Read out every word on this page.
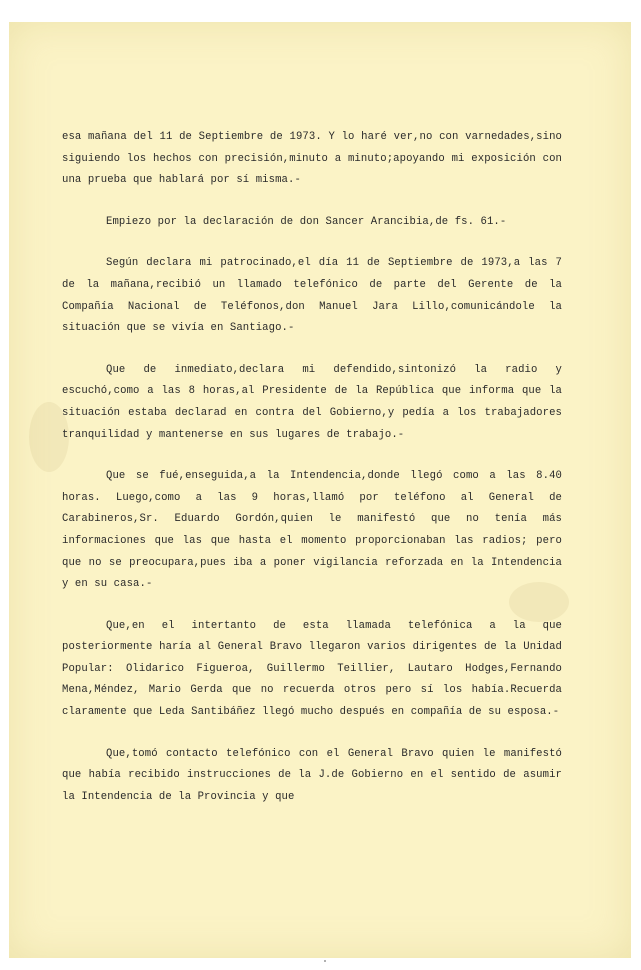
esa mañana del 11 de Septiembre de 1973. Y lo haré ver,no con varnedades,sino siguiendo los hechos con precisión,minuto a minuto;apoyando mi exposición con una prueba que hablará por sí misma.-

Empiezo por la declaración de don Sancer Arancibia,de fs. 61.-

Según declara mi patrocinado,el día 11 de Septiembre de 1973,a las 7 de la mañana,recibió un llamado telefónico de parte del Gerente de la Compañía Nacional de Teléfonos,don Manuel Jara Lillo,comunicándole la situación que se vivía en Santiago.-

Que de inmediato,declara mi defendido,sintonizó la radio y escuchó,como a las 8 horas,al Presidente de la República que informa que la situación estaba declarad en contra del Gobierno,y pedía a los trabajadores tranquilidad y mantenerse en sus lugares de trabajo.-

Que se fué,enseguida,a la Intendencia,donde llegó como a las 8.40 horas. Luego,como a las 9 horas,llamó por teléfono al General de Carabineros,Sr. Eduardo Gordón,quien le manifestó que no tenía más informaciones que las que hasta el momento proporcionaban las radios; pero que no se preocupara,pues iba a poner vigilancia reforzada en la Intendencia y en su casa.-

Que,en el intertanto de esta llamada telefónica a la que posteriormente haría al General Bravo llegaron varios dirigentes de la Unidad Popular: Olidarico Figueroa, Guillermo Teillier, Lautaro Hodges,Fernando Mena,Méndez, Mario Gerda que no recuerda otros pero sí los había.Recuerda claramente que Leda Santibáñez llegó mucho después en compañía de su esposa.-

Que,tomó contacto telefónico con el General Bravo quien le manifestó que había recibido instrucciones de la J.de Gobierno en el sentido de asumir la Intendencia de la Provincia y que
